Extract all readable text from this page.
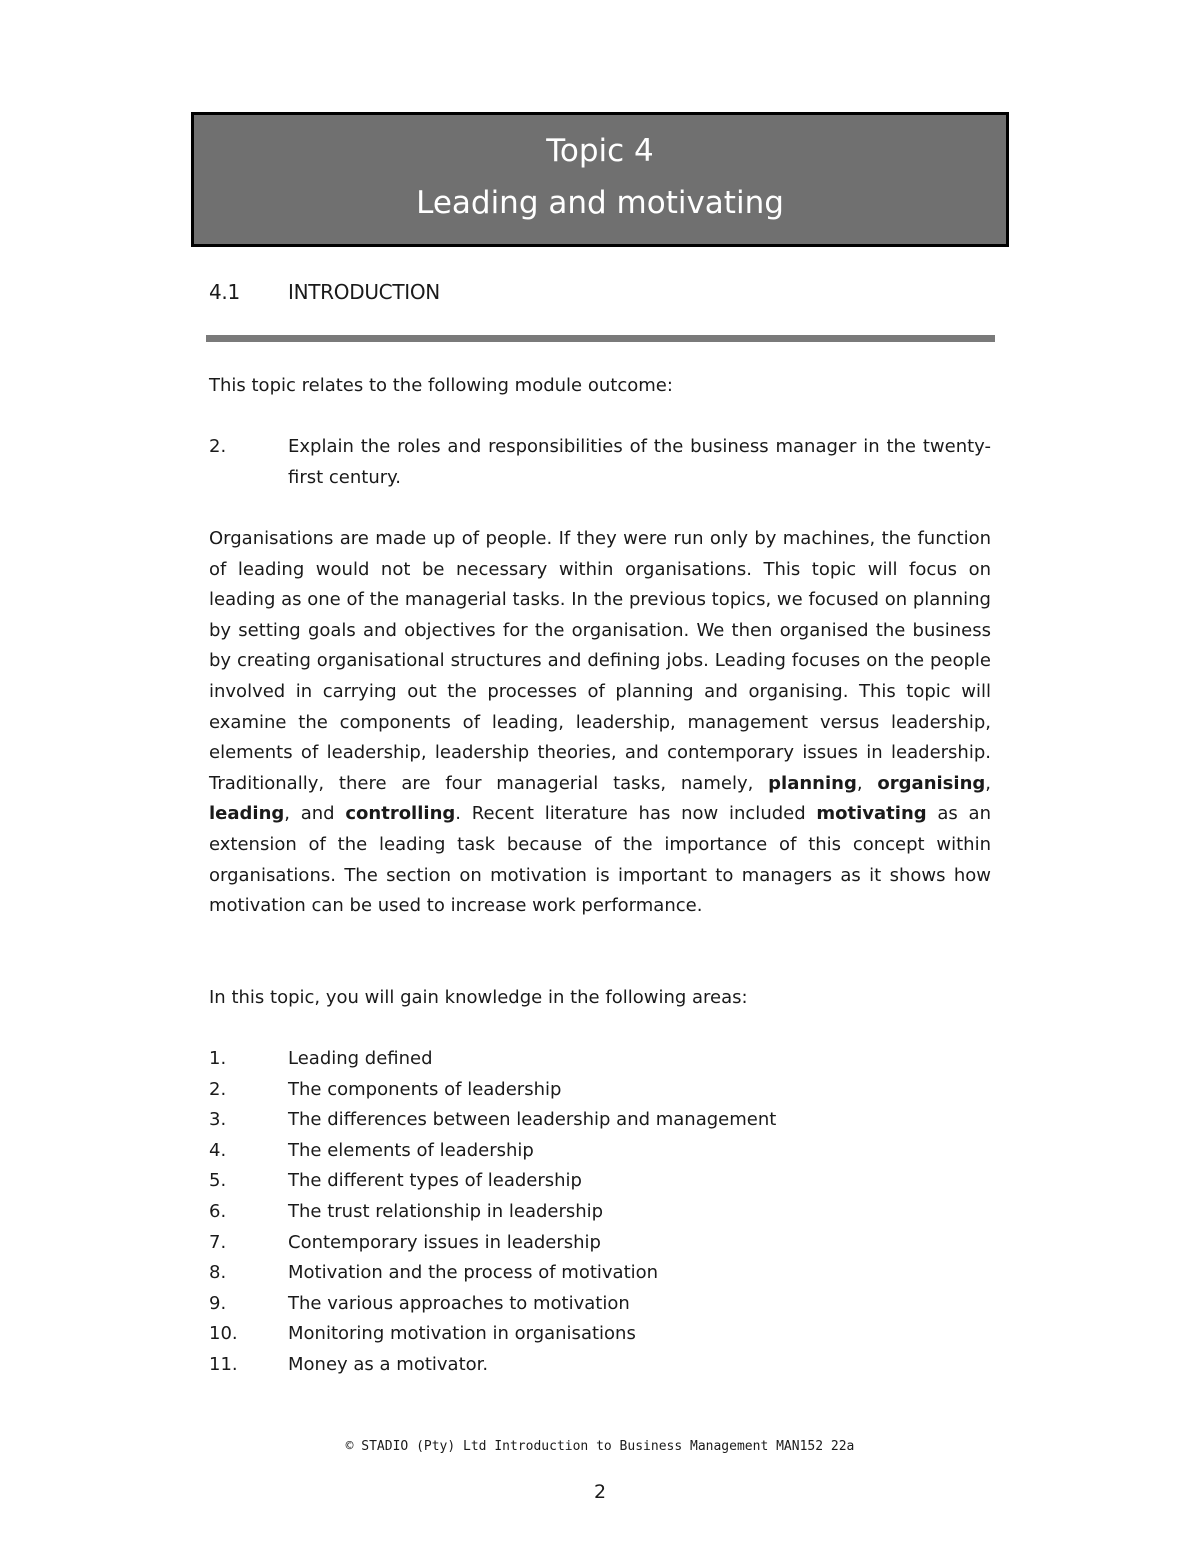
Topic 4
Leading and motivating
4.1 INTRODUCTION
This topic relates to the following module outcome:
2.	Explain the roles and responsibilities of the business manager in the twenty-first century.
Organisations are made up of people. If they were run only by machines, the function of leading would not be necessary within organisations. This topic will focus on leading as one of the managerial tasks. In the previous topics, we focused on planning by setting goals and objectives for the organisation. We then organised the business by creating organisational structures and defining jobs. Leading focuses on the people involved in carrying out the processes of planning and organising. This topic will examine the components of leading, leadership, management versus leadership, elements of leadership, leadership theories, and contemporary issues in leadership. Traditionally, there are four managerial tasks, namely, planning, organising, leading, and controlling. Recent literature has now included motivating as an extension of the leading task because of the importance of this concept within organisations. The section on motivation is important to managers as it shows how motivation can be used to increase work performance.
In this topic, you will gain knowledge in the following areas:
1.	Leading defined
2.	The components of leadership
3.	The differences between leadership and management
4.	The elements of leadership
5.	The different types of leadership
6.	The trust relationship in leadership
7.	Contemporary issues in leadership
8.	Motivation and the process of motivation
9.	The various approaches to motivation
10.	Monitoring motivation in organisations
11.	Money as a motivator.
© STADIO (Pty) Ltd Introduction to Business Management MAN152 22a
2
